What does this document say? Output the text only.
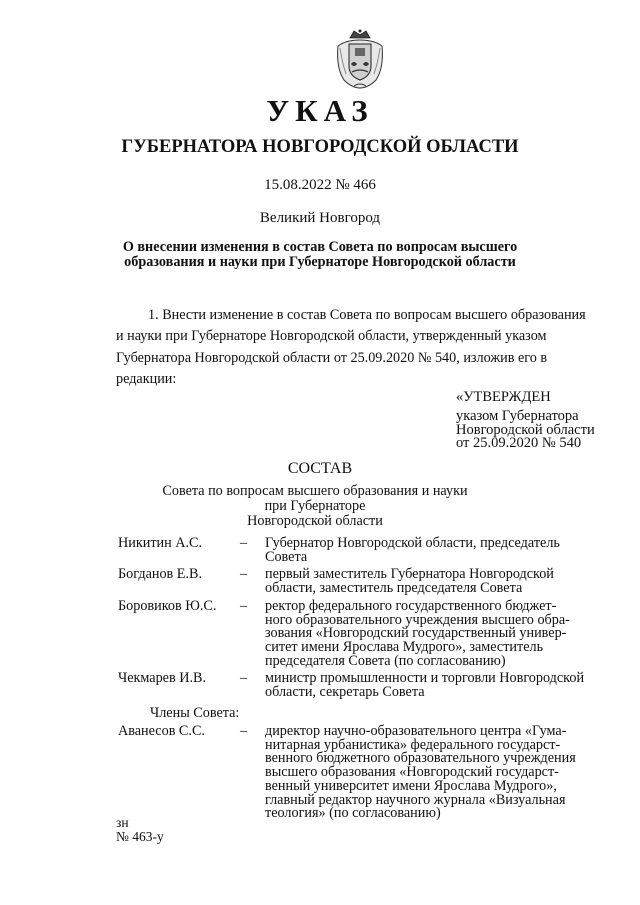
УКАЗ
ГУБЕРНАТОРА НОВГОРОДСКОЙ ОБЛАСТИ
15.08.2022 № 466
Великий Новгород
О внесении изменения в состав Совета по вопросам высшего
образования и науки при Губернаторе Новгородской области
1. Внести изменение в состав Совета по вопросам высшего образования
и науки при Губернаторе Новгородской области, утвержденный указом
Губернатора Новгородской области от 25.09.2020 № 540, изложив его в
редакции:
«УТВЕРЖДЕН
указом Губернатора
Новгородской области
от 25.09.2020 № 540
СОСТАВ
Совета по вопросам высшего образования и науки при Губернаторе
Новгородской области
Никитин А.С.	– Губернатор Новгородской области, председатель
Совета
Богданов Е.В.	– первый заместитель Губернатора Новгородской
области, заместитель председателя Совета
Боровиков Ю.С. – ректор федерального государственного бюджет-
ного образовательного учреждения высшего обра-
зования «Новгородский государственный универ-
ситет имени Ярослава Мудрого», заместитель
председателя Совета (по согласованию)
Чекмарев И.В. – министр промышленности и торговли Новгородской
области, секретарь Совета
Члены Совета:
Аванесов С.С. – директор научно-образовательного центра «Гума-
нитарная урбанистика» федерального государст-
венного бюджетного образовательного учреждения
высшего образования «Новгородский государст-
венный университет имени Ярослава Мудрого»,
главный редактор научного журнала «Визуальная
теология» (по согласованию)
зн
№ 463-у
